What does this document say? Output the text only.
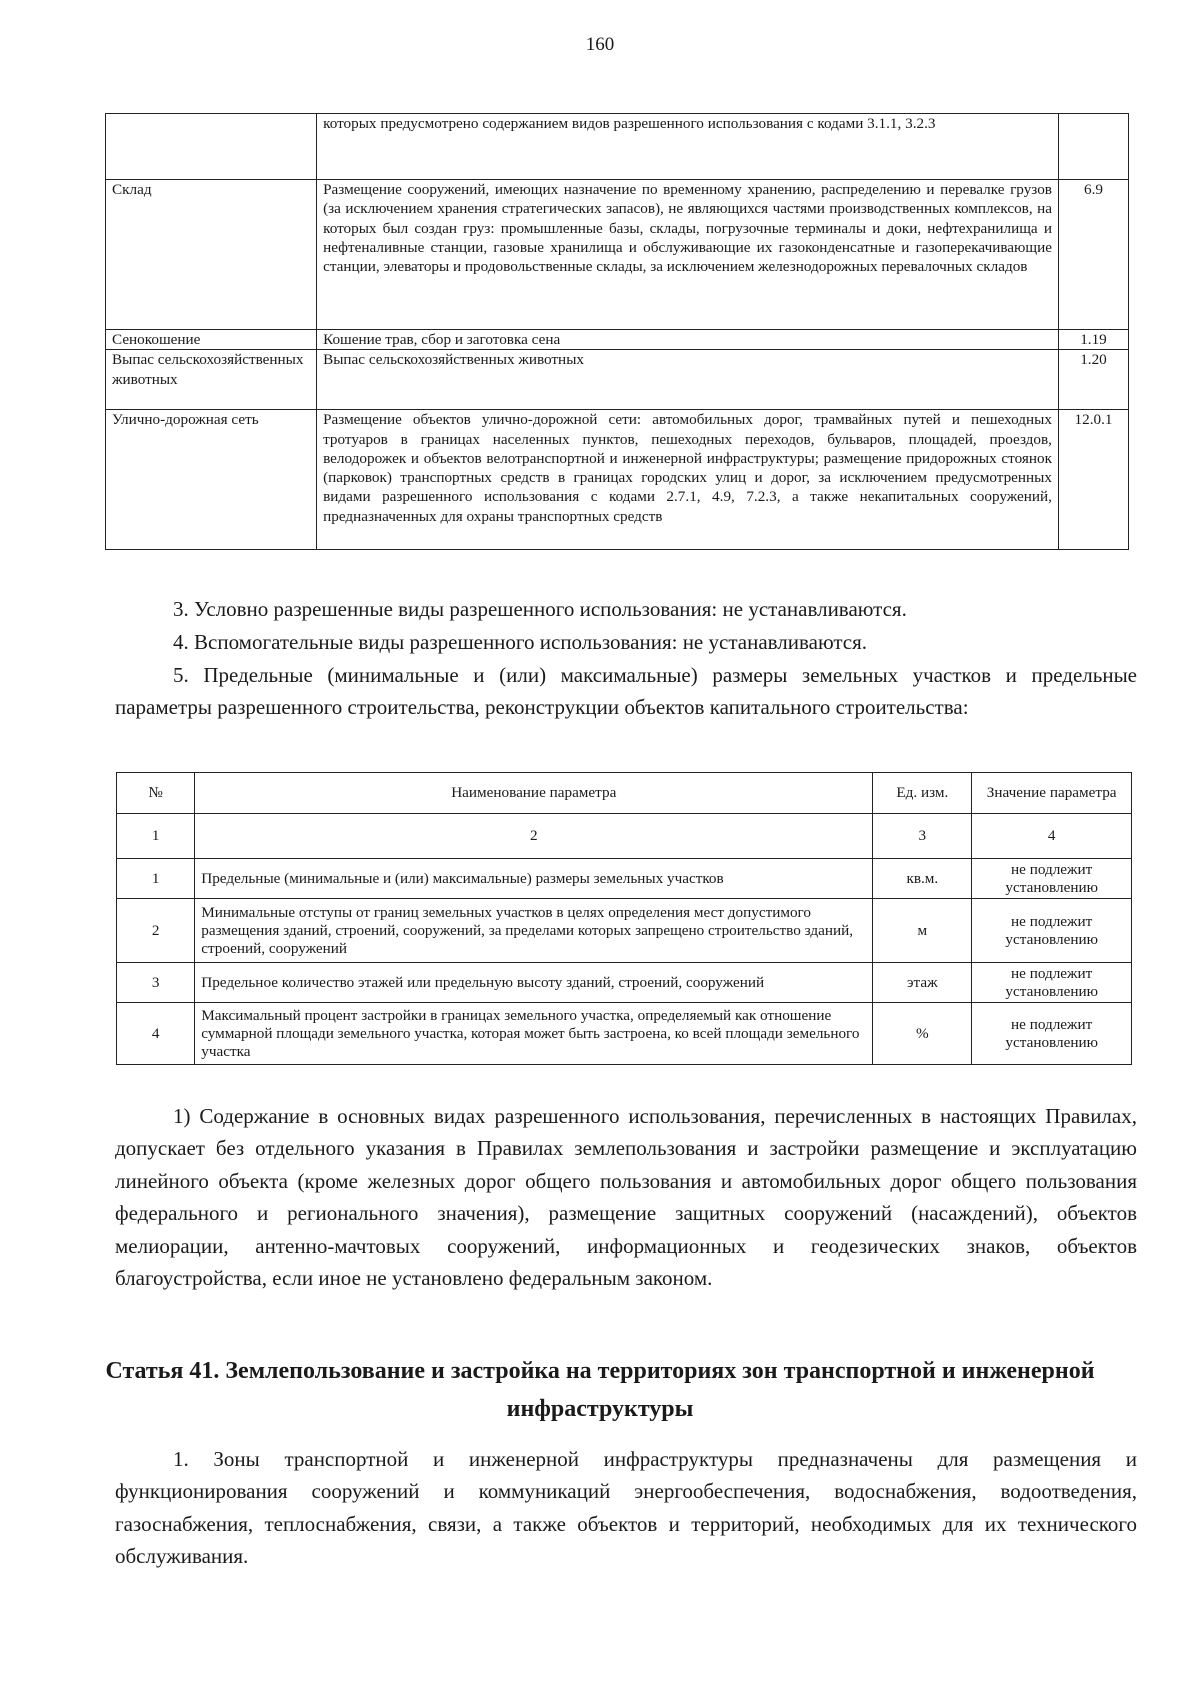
160
	которых предусмотрено содержанием видов разрешенного использования с кодами 3.1.1, 3.2.3	
Склад	Размещение сооружений, имеющих назначение по временному хранению, распределению и перевалке грузов (за исключением хранения стратегических запасов), не являющихся частями производственных комплексов, на которых был создан груз: промышленные базы, склады, погрузочные терминалы и доки, нефтехранилища и нефтеналивные станции, газовые хранилища и обслуживающие их газоконденсатные и газоперекачивающие станции, элеваторы и продовольственные склады, за исключением железнодорожных перевалочных складов	6.9
Сенокошение	Кошение трав, сбор и заготовка сена	1.19
Выпас сельскохозяйственных животных	Выпас сельскохозяйственных животных	1.20
Улично-дорожная сеть	Размещение объектов улично-дорожной сети: автомобильных дорог, трамвайных путей и пешеходных тротуаров в границах населенных пунктов, пешеходных переходов, бульваров, площадей, проездов, велодорожек и объектов велотранспортной и инженерной инфраструктуры; размещение придорожных стоянок (парковок) транспортных средств в границах городских улиц и дорог, за исключением предусмотренных видами разрешенного использования с кодами 2.7.1, 4.9, 7.2.3, а также некапитальных сооружений, предназначенных для охраны транспортных средств	12.0.1
3. Условно разрешенные виды разрешенного использования: не устанавливаются.
4. Вспомогательные виды разрешенного использования: не устанавливаются.
5. Предельные (минимальные и (или) максимальные) размеры земельных участков и предельные параметры разрешенного строительства, реконструкции объектов капитального строительства:
№	Наименование параметра	Ед. изм.	Значение параметра
1	2	3	4
1	Предельные (минимальные и (или) максимальные) размеры земельных участков	кв.м.	не подлежит установлению
2	Минимальные отступы от границ земельных участков в целях определения мест допустимого размещения зданий, строений, сооружений, за пределами которых запрещено строительство зданий, строений, сооружений	м	не подлежит установлению
3	Предельное количество этажей или предельную высоту зданий, строений, сооружений	этаж	не подлежит установлению
4	Максимальный процент застройки в границах земельного участка, определяемый как отношение суммарной площади земельного участка, которая может быть застроена, ко всей площади земельного участка	%	не подлежит установлению
1) Содержание в основных видах разрешенного использования, перечисленных в настоящих Правилах, допускает без отдельного указания в Правилах землепользования и застройки размещение и эксплуатацию линейного объекта (кроме железных дорог общего пользования и автомобильных дорог общего пользования федерального и регионального значения), размещение защитных сооружений (насаждений), объектов мелиорации, антенно-мачтовых сооружений, информационных и геодезических знаков, объектов благоустройства, если иное не установлено федеральным законом.
Статья 41. Землепользование и застройка на территориях зон транспортной и инженерной инфраструктуры
1. Зоны транспортной и инженерной инфраструктуры предназначены для размещения и функционирования сооружений и коммуникаций энергообеспечения, водоснабжения, водоотведения, газоснабжения, теплоснабжения, связи, а также объектов и территорий, необходимых для их технического обслуживания.
